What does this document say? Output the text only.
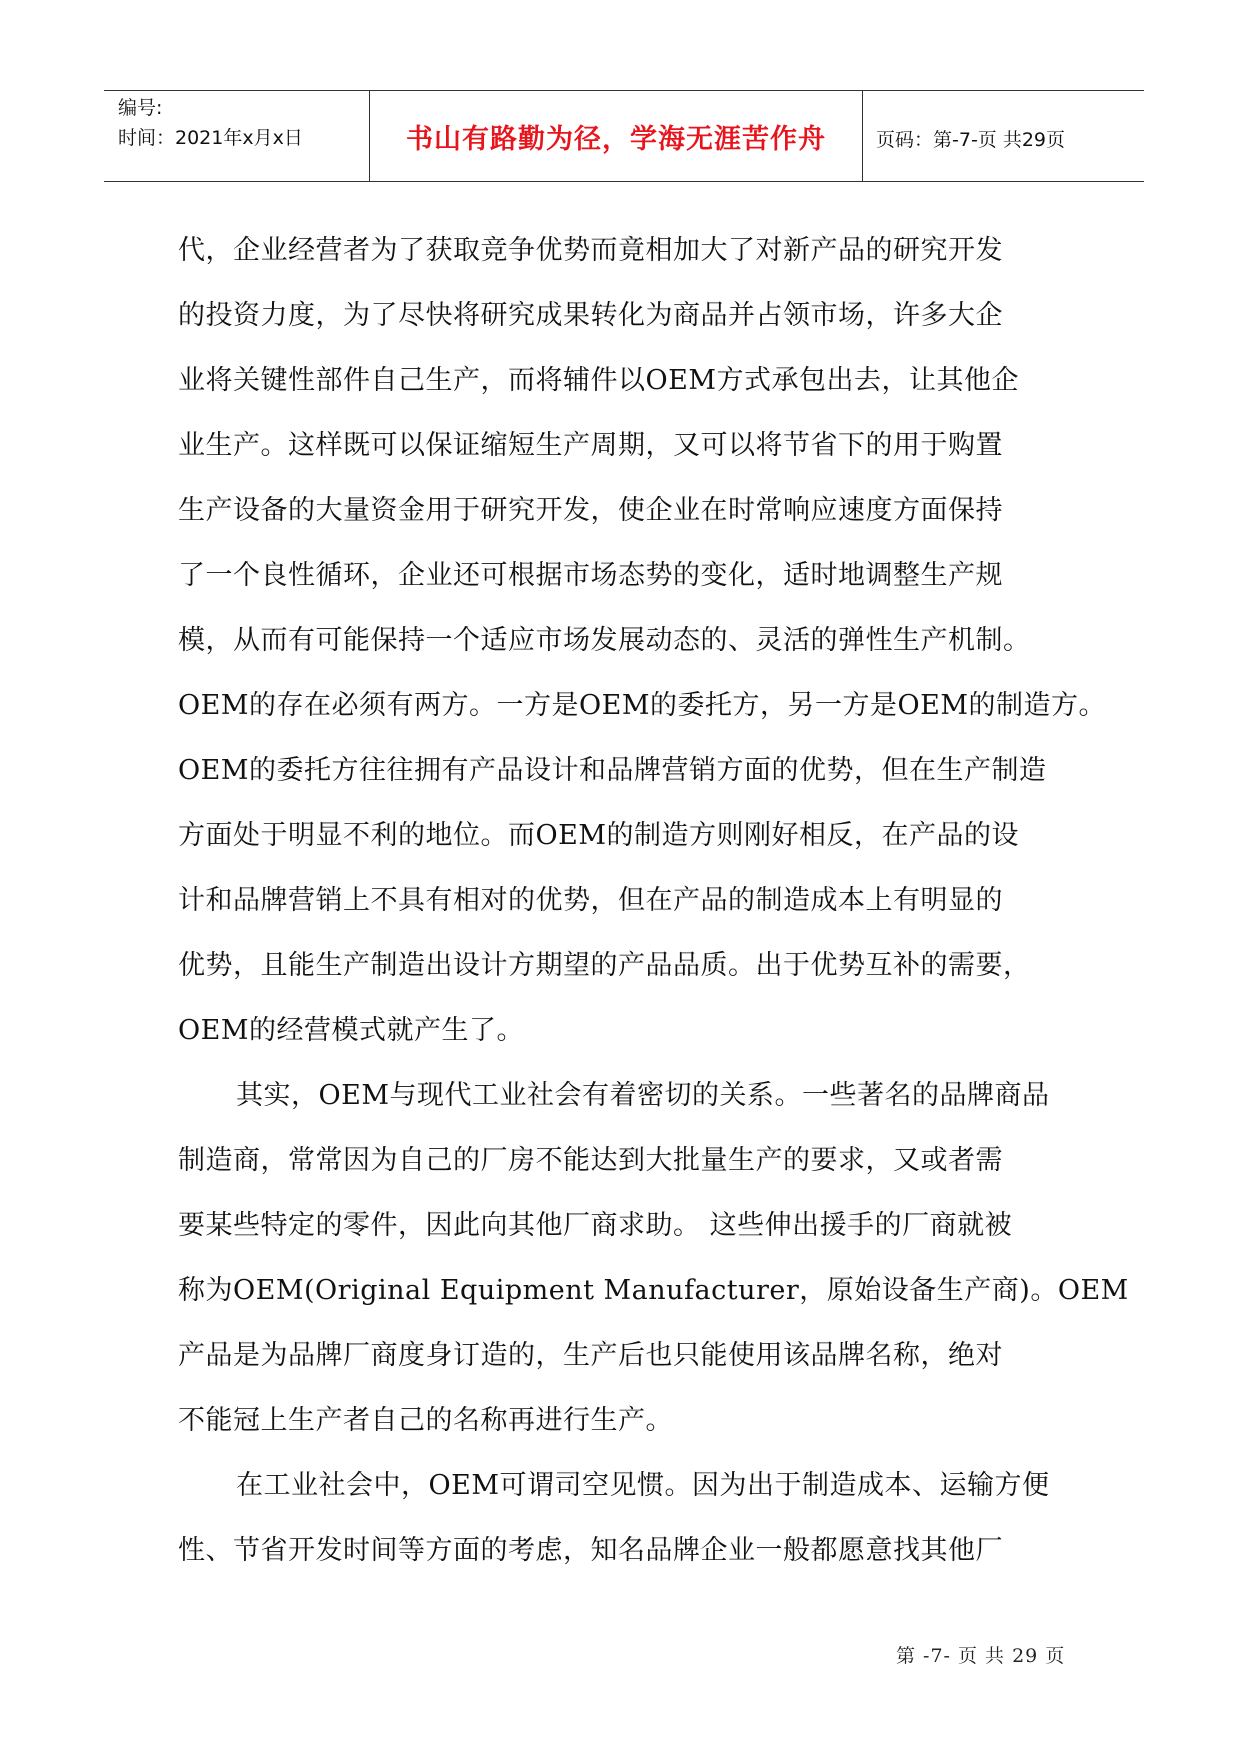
编号:
时间：2021年x月x日	书山有路勤为径，学海无涯苦作舟	页码：第-7-页 共29页
代，企业经营者为了获取竞争优势而竟相加大了对新产品的研究开发
的投资力度，为了尽快将研究成果转化为商品并占领市场，许多大企
业将关键性部件自己生产，而将辅件以OEM方式承包出去，让其他企
业生产。这样既可以保证缩短生产周期，又可以将节省下的用于购置
生产设备的大量资金用于研究开发，使企业在时常响应速度方面保持
了一个良性循环，企业还可根据市场态势的变化，适时地调整生产规
模，从而有可能保持一个适应市场发展动态的、灵活的弹性生产机制。
OEM的存在必须有两方。一方是OEM的委托方，另一方是OEM的制造方。
OEM的委托方往往拥有产品设计和品牌营销方面的优势，但在生产制造
方面处于明显不利的地位。而OEM的制造方则刚好相反，在产品的设
计和品牌营销上不具有相对的优势，但在产品的制造成本上有明显的
优势，且能生产制造出设计方期望的产品品质。出于优势互补的需要，
OEM的经营模式就产生了。
其实，OEM与现代工业社会有着密切的关系。一些著名的品牌商品
制造商，常常因为自己的厂房不能达到大批量生产的要求，又或者需
要某些特定的零件，因此向其他厂商求助。 这些伸出援手的厂商就被
称为OEM(Original Equipment Manufacturer，原始设备生产商)。OEM
产品是为品牌厂商度身订造的，生产后也只能使用该品牌名称，绝对
不能冠上生产者自己的名称再进行生产。
在工业社会中，OEM可谓司空见惯。因为出于制造成本、运输方便
性、节省开发时间等方面的考虑，知名品牌企业一般都愿意找其他厂
第 -7- 页 共 29 页
